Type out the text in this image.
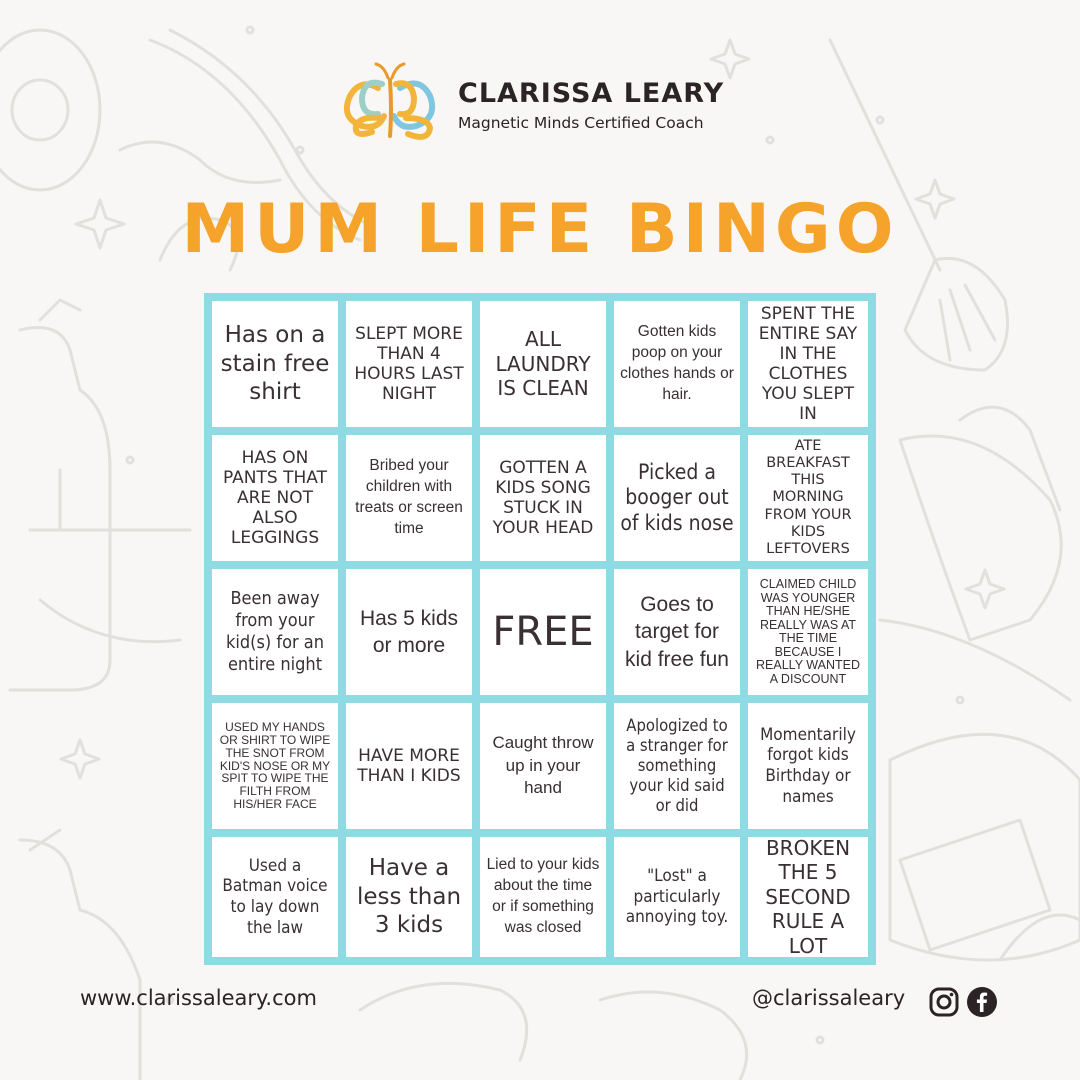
CLARISSA LEARY
Magnetic Minds Certified Coach
MUM LIFE BINGO
Has on a stain free shirt
SLEPT MORE THAN 4 HOURS LAST NIGHT
ALL LAUNDRY IS CLEAN
Gotten kids poop on your clothes hands or hair.
SPENT THE ENTIRE SAY IN THE CLOTHES YOU SLEPT IN
HAS ON PANTS THAT ARE NOT ALSO LEGGINGS
Bribed your children with treats or screen time
GOTTEN A KIDS SONG STUCK IN YOUR HEAD
Picked a booger out of kids nose
ATE BREAKFAST THIS MORNING FROM YOUR KIDS LEFTOVERS
Been away from your kid(s) for an entire night
Has 5 kids or more	FREE
Goes to target for kid free fun
CLAIMED CHILD WAS YOUNGER THAN HE/SHE REALLY WAS AT THE TIME BECAUSE I REALLY WANTED A DISCOUNT
USED MY HANDS OR SHIRT TO WIPE THE SNOT FROM KID'S NOSE OR MY SPIT TO WIPE THE FILTH FROM HIS/HER FACE
HAVE MORE THAN I KIDS
Caught throw up in your hand
Apologized to a stranger for something your kid said or did
Momentarily forgot kids Birthday or names
Used a Batman voice to lay down the law
Have a less than 3 kids
Lied to your kids about the time or if something was closed
"Lost" a particularly annoying toy.
BROKEN THE 5 SECOND RULE A LOT
www.clarissaleary.com	@clarissaleary
